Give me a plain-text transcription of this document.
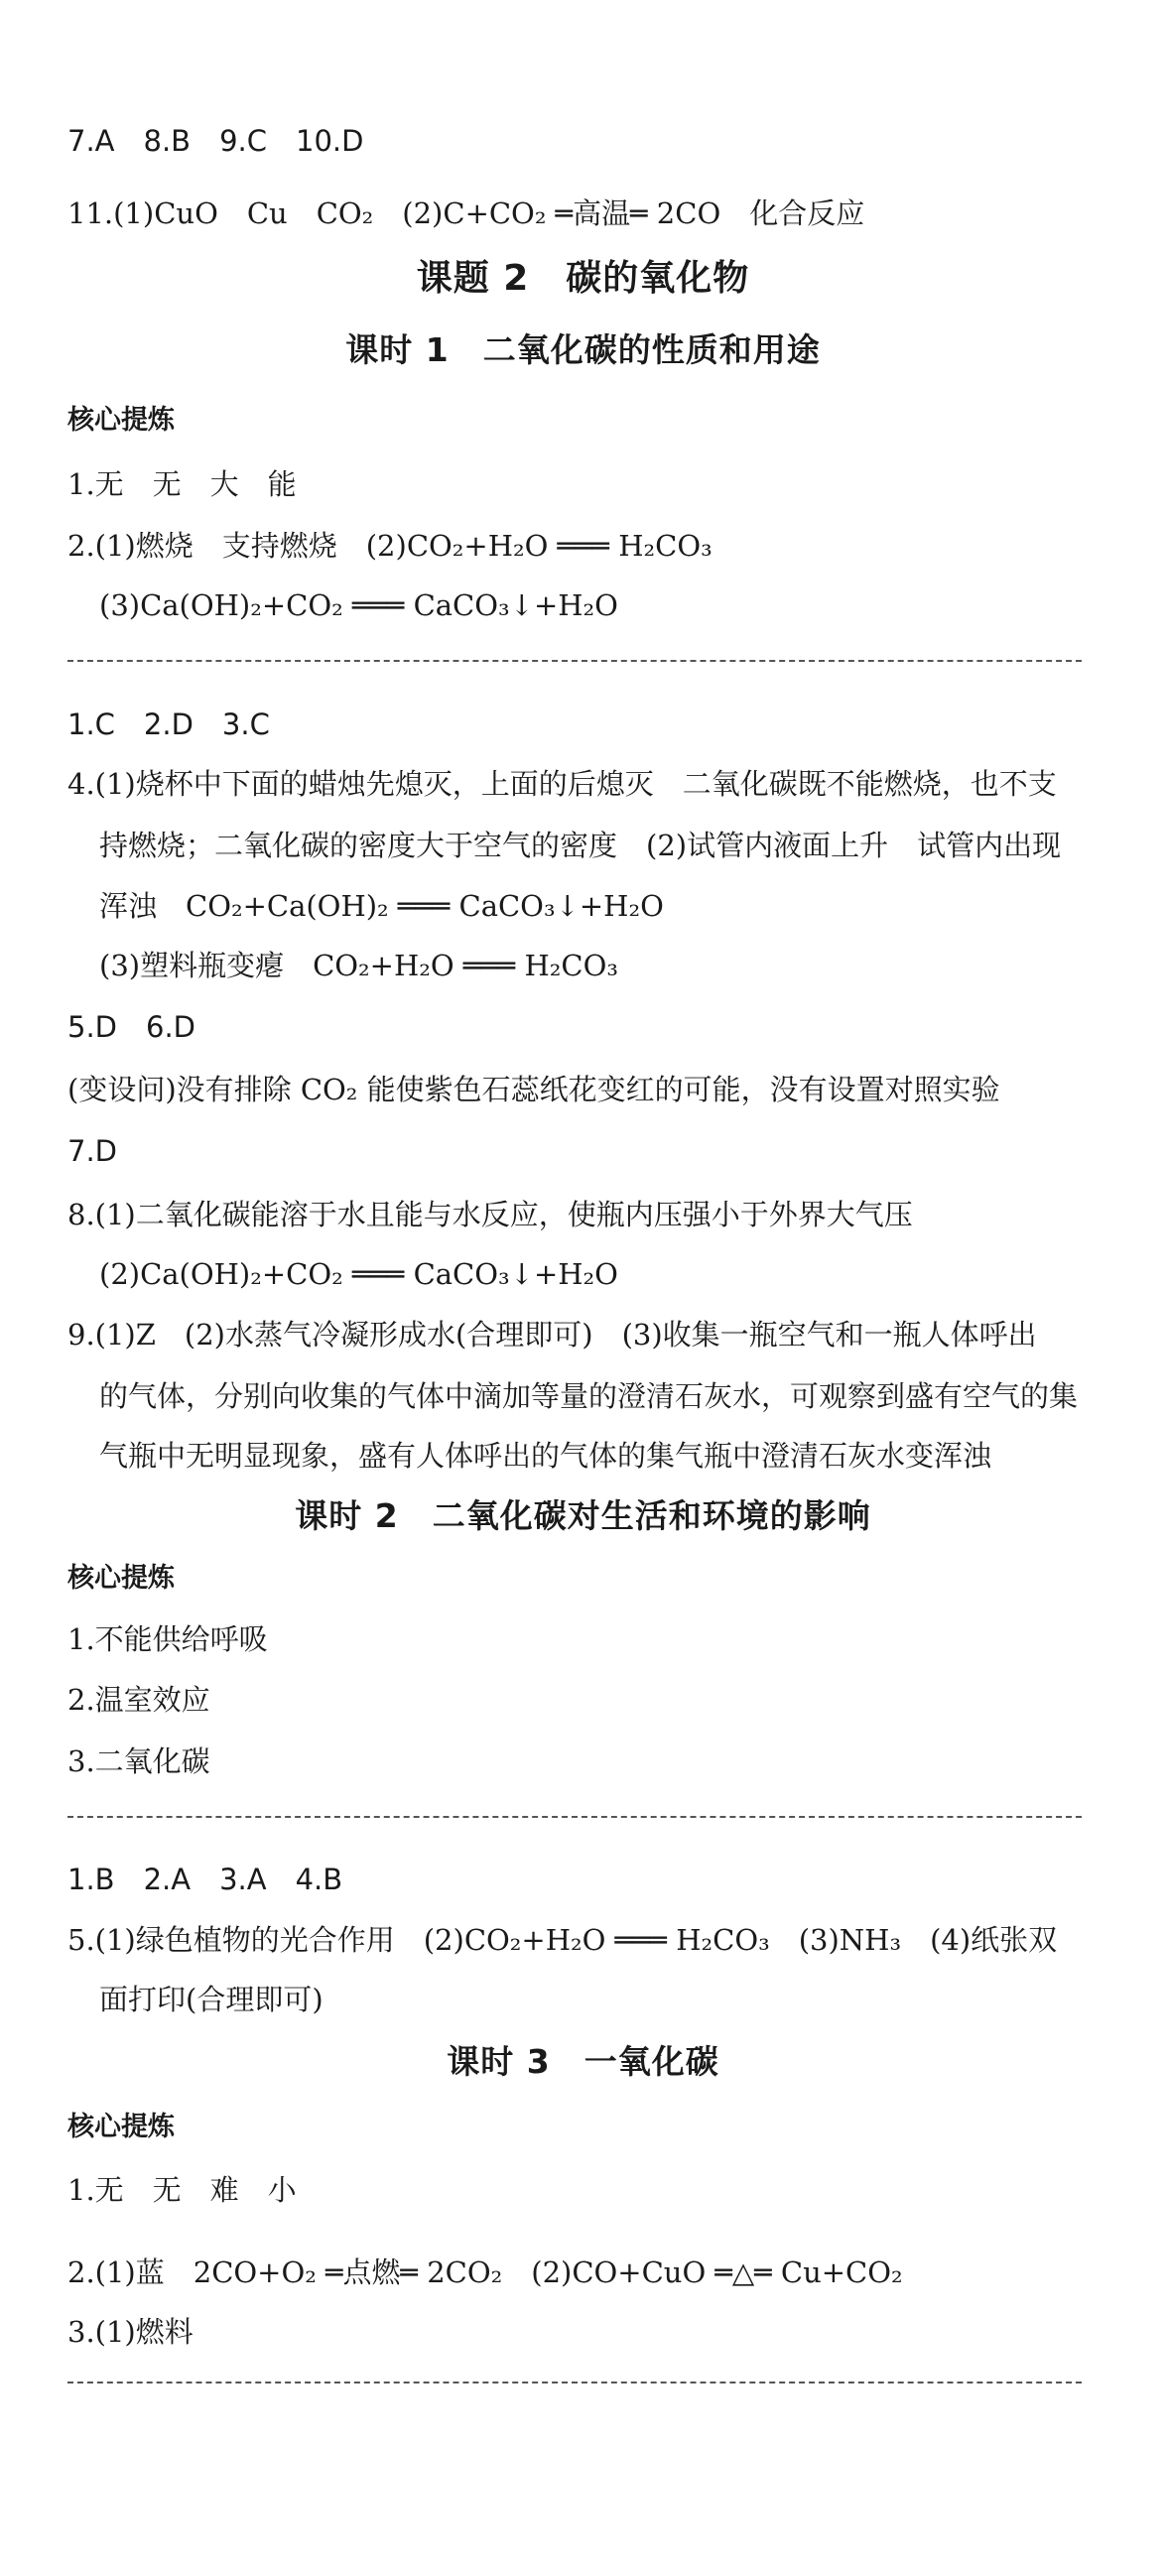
7.A　8.B　9.C　10.D
11.(1)CuO　Cu　CO₂　(2)C+CO₂ ═高温═ 2CO　化合反应
课题 2　碳的氧化物
课时 1　二氧化碳的性质和用途
核心提炼
1.无　无　大　能
2.(1)燃烧　支持燃烧　(2)CO₂+H₂O ═══ H₂CO₃
(3)Ca(OH)₂+CO₂ ═══ CaCO₃↓+H₂O
1.C　2.D　3.C
4.(1)烧杯中下面的蜡烛先熄灭，上面的后熄灭　二氧化碳既不能燃烧，也不支
持燃烧；二氧化碳的密度大于空气的密度　(2)试管内液面上升　试管内出现
浑浊　CO₂+Ca(OH)₂ ═══ CaCO₃↓+H₂O
(3)塑料瓶变瘪　CO₂+H₂O ═══ H₂CO₃
5.D　6.D
(变设问)没有排除 CO₂ 能使紫色石蕊纸花变红的可能，没有设置对照实验
7.D
8.(1)二氧化碳能溶于水且能与水反应，使瓶内压强小于外界大气压
(2)Ca(OH)₂+CO₂ ═══ CaCO₃↓+H₂O
9.(1)Z　(2)水蒸气冷凝形成水(合理即可)　(3)收集一瓶空气和一瓶人体呼出
的气体，分别向收集的气体中滴加等量的澄清石灰水，可观察到盛有空气的集
气瓶中无明显现象，盛有人体呼出的气体的集气瓶中澄清石灰水变浑浊
课时 2　二氧化碳对生活和环境的影响
核心提炼
1.不能供给呼吸
2.温室效应
3.二氧化碳
1.B　2.A　3.A　4.B
5.(1)绿色植物的光合作用　(2)CO₂+H₂O ═══ H₂CO₃　(3)NH₃　(4)纸张双
面打印(合理即可)
课时 3　一氧化碳
核心提炼
1.无　无　难　小
2.(1)蓝　2CO+O₂ ═点燃═ 2CO₂　(2)CO+CuO ═△═ Cu+CO₂
3.(1)燃料
